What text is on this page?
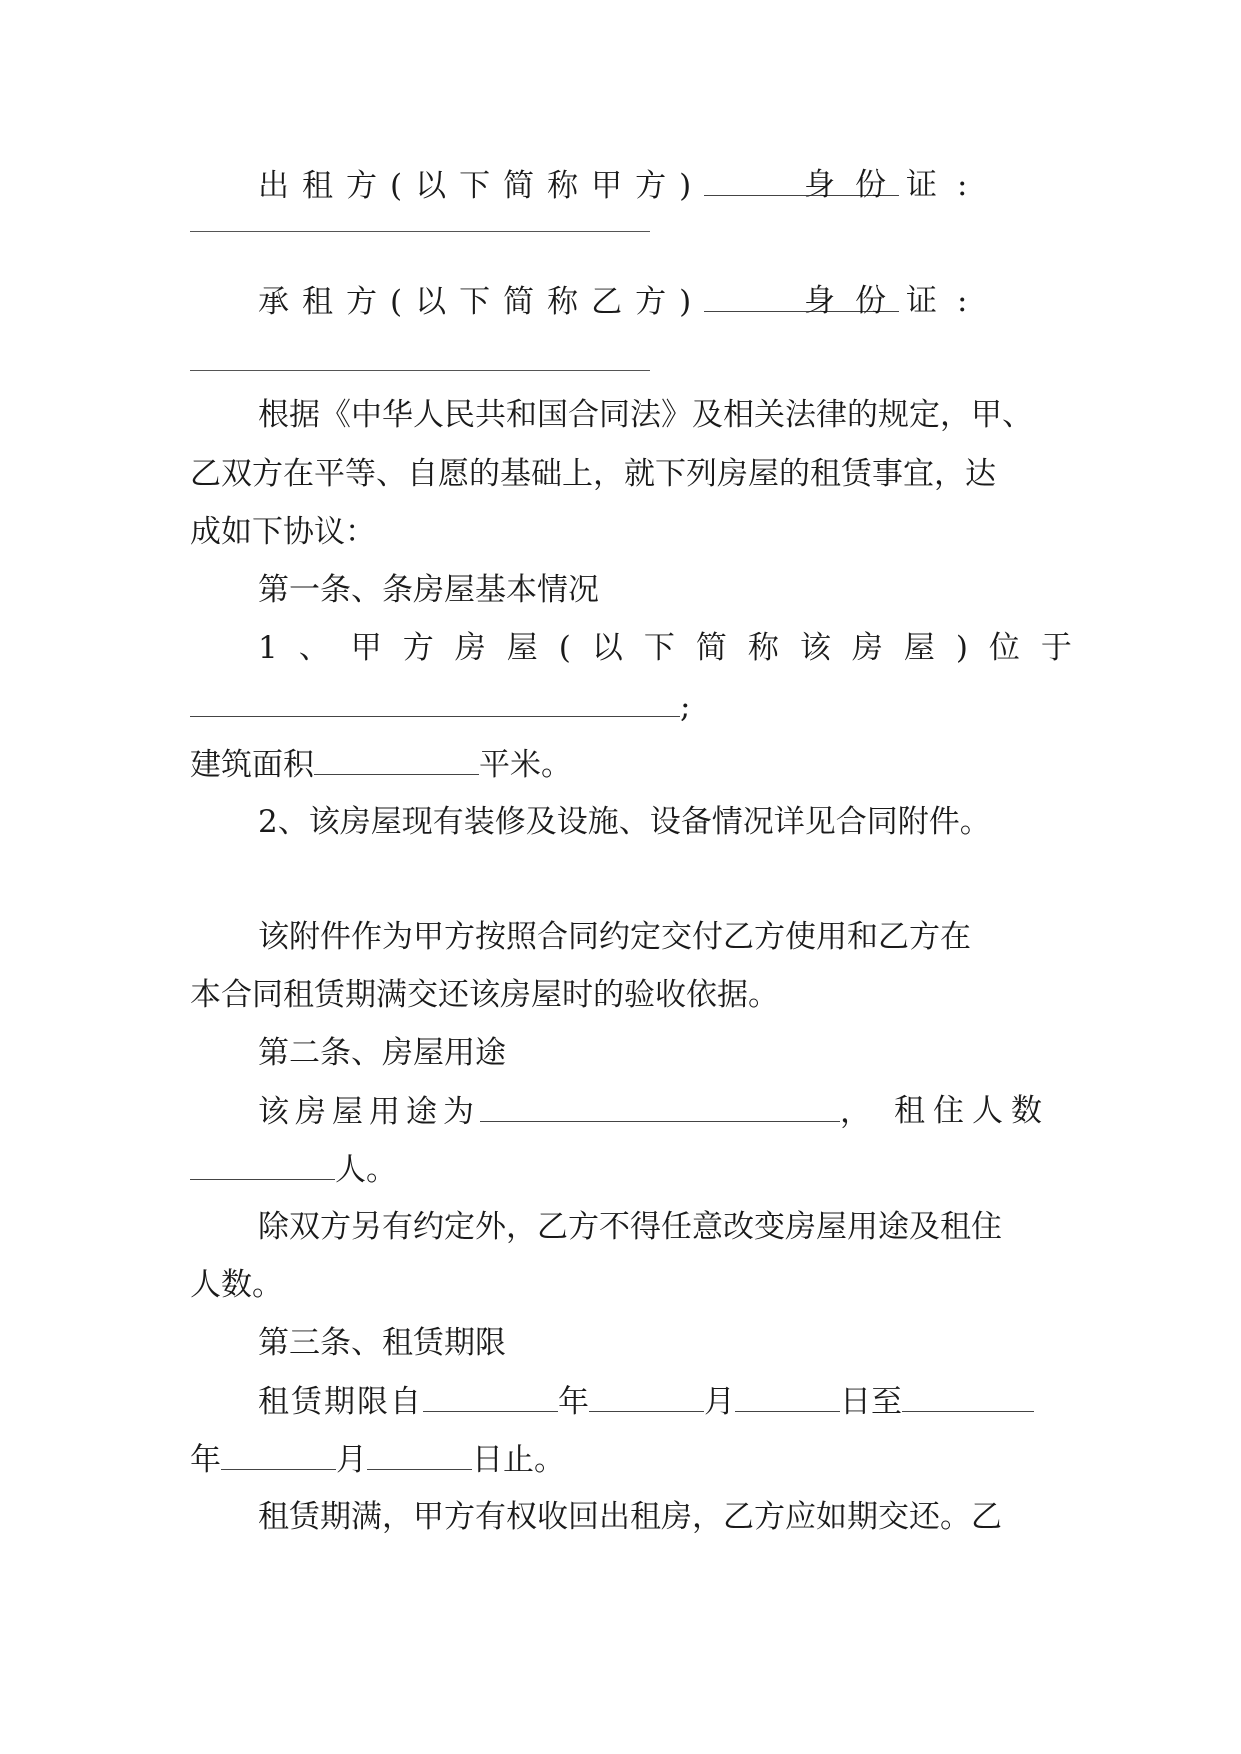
出租方(以下简称甲方)	身份证:
承租方(以下简称乙方)	身份证:
根据《中华人民共和国合同法》及相关法律的规定，甲、
乙双方在平等、自愿的基础上，就下列房屋的租赁事宜，达
成如下协议：
第一条、条房屋基本情况
1、甲方房屋(以下简称该房屋)位于
;
建筑面积	平米。
2、该房屋现有装修及设施、设备情况详见合同附件。
该附件作为甲方按照合同约定交付乙方使用和乙方在
本合同租赁期满交还该房屋时的验收依据。
第二条、房屋用途
该房屋用途为	， 租住人数
人。
除双方另有约定外，乙方不得任意改变房屋用途及租住
人数。
第三条、租赁期限
租赁期限自	年	月	日至
年	月	日止。
租赁期满，甲方有权收回出租房，乙方应如期交还。乙
